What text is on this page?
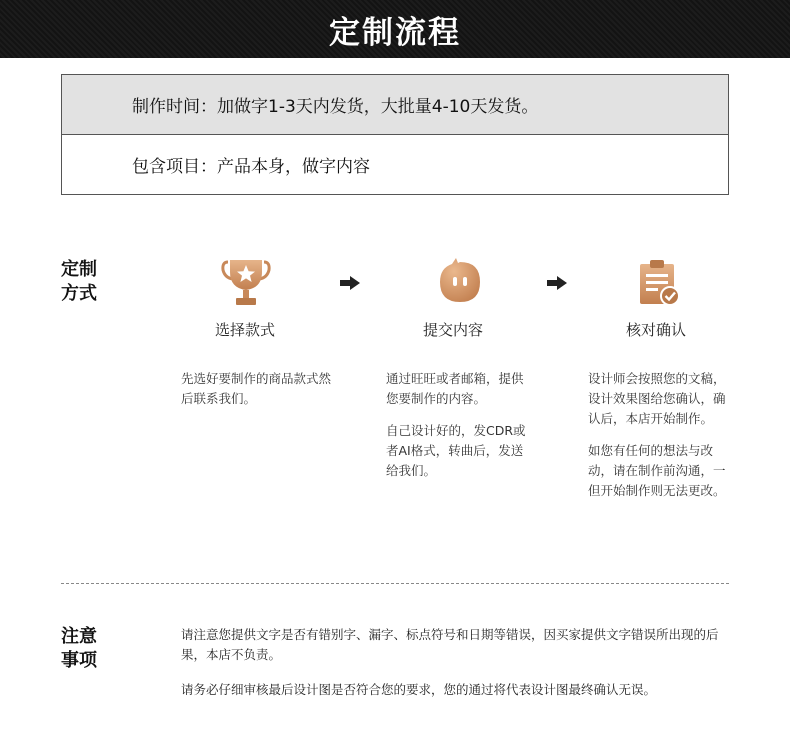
定制流程
制作时间：加做字1-3天内发货，大批量4-10天发货。
包含项目：产品本身，做字内容
定制
方式
选择款式	提交内容	核对确认

先选好要制作的商品款式然后联系我们。

通过旺旺或者邮箱，提供您要制作的内容。

自己设计好的，发CDR或者AI格式，转曲后，发送给我们。

设计师会按照您的文稿，设计效果图给您确认，确认后，本店开始制作。

如您有任何的想法与改动，请在制作前沟通，一但开始制作则无法更改。

注意
事项
请注意您提供文字是否有错别字、漏字、标点符号和日期等错误，因买家提供文字错误所出现的后果，本店不负责。
请务必仔细审核最后设计图是否符合您的要求，您的通过将代表设计图最终确认无误。
